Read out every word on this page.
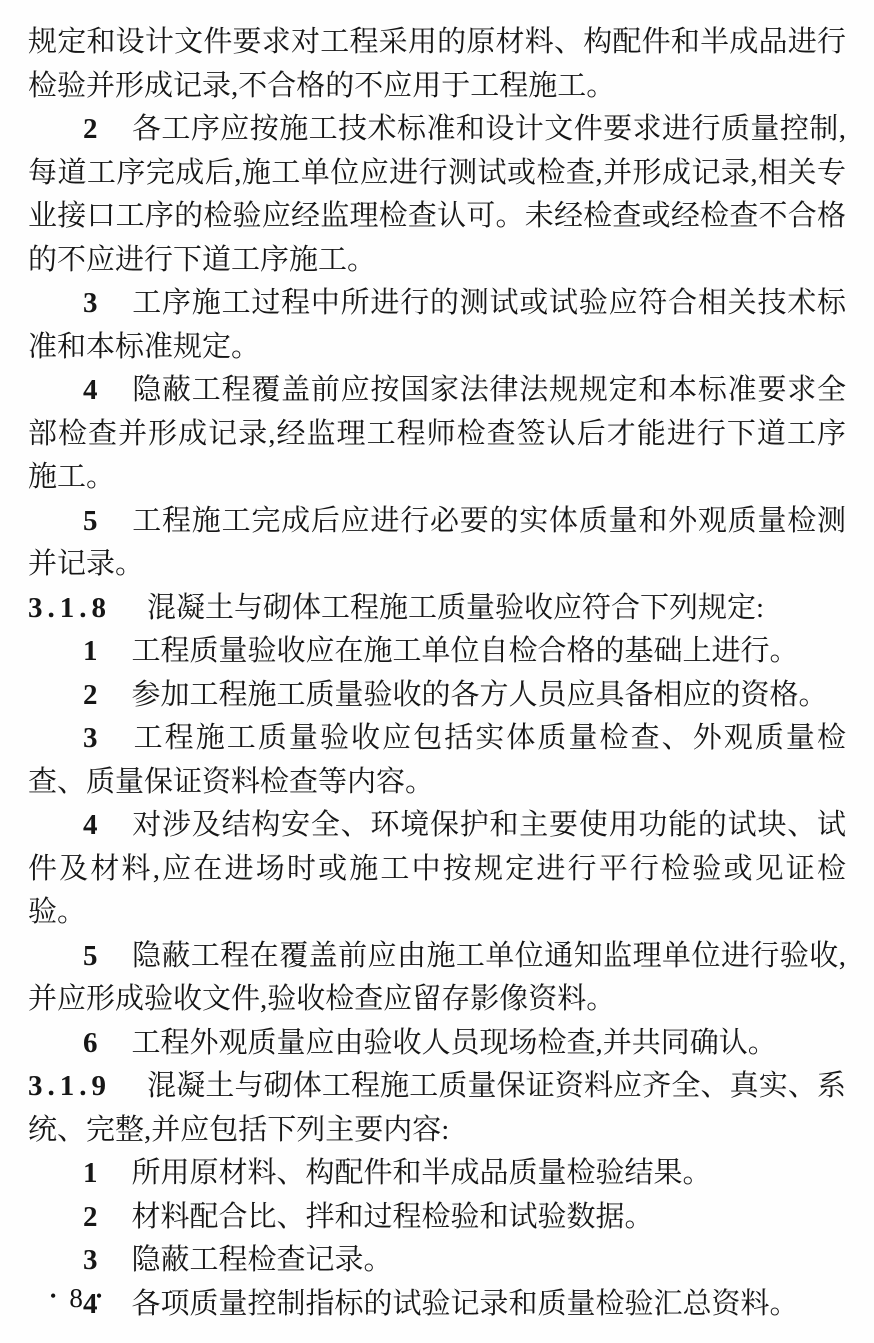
规定和设计文件要求对工程采用的原材料、构配件和半成品进行检验并形成记录,不合格的不应用于工程施工。

2 各工序应按施工技术标准和设计文件要求进行质量控制,每道工序完成后,施工单位应进行测试或检查,并形成记录,相关专业接口工序的检验应经监理检查认可。未经检查或经检查不合格的不应进行下道工序施工。

3 工序施工过程中所进行的测试或试验应符合相关技术标准和本标准规定。

4 隐蔽工程覆盖前应按国家法律法规规定和本标准要求全部检查并形成记录,经监理工程师检查签认后才能进行下道工序施工。

5 工程施工完成后应进行必要的实体质量和外观质量检测并记录。

3.1.8 混凝土与砌体工程施工质量验收应符合下列规定:

1 工程质量验收应在施工单位自检合格的基础上进行。

2 参加工程施工质量验收的各方人员应具备相应的资格。

3 工程施工质量验收应包括实体质量检查、外观质量检查、质量保证资料检查等内容。

4 对涉及结构安全、环境保护和主要使用功能的试块、试件及材料,应在进场时或施工中按规定进行平行检验或见证检验。

5 隐蔽工程在覆盖前应由施工单位通知监理单位进行验收,并应形成验收文件,验收检查应留存影像资料。

6 工程外观质量应由验收人员现场检查,并共同确认。

3.1.9 混凝土与砌体工程施工质量保证资料应齐全、真实、系统、完整,并应包括下列主要内容:

1 所用原材料、构配件和半成品质量检验结果。

2 材料配合比、拌和过程检验和试验数据。

3 隐蔽工程检查记录。

4 各项质量控制指标的试验记录和质量检验汇总资料。

• 8 •
